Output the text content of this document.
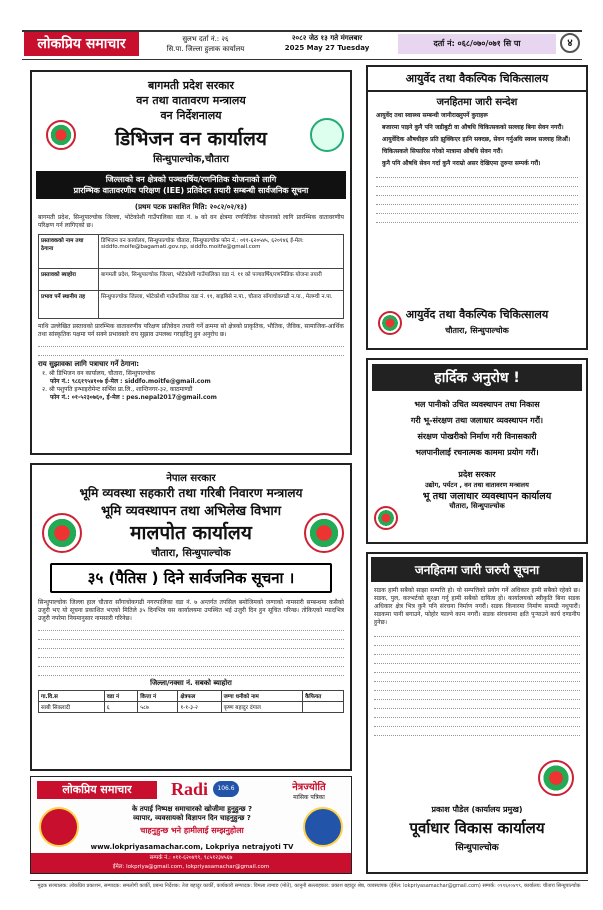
लोकप्रिय समाचार	सुलभ दर्ता नं.: २६
सि.पा. जिल्ला हुलाक कार्यालय
२०८२ जेठ १३ गते मंगलबार
2025 May 27 Tuesday	दर्ता नं: ०६८/०७०/०७१ सि पा	४
बागमती प्रदेश सरकार
वन तथा वातावरण मन्त्रालय
वन निर्देशनालय
डिभिजन वन कार्यालय
सिन्धुपाल्चोक,चौतारा
जिल्लाको वन क्षेत्रको पञ्चवर्षिय/रणनितिक योजनाको लागि
प्रारम्भिक वातावरणीय परिक्षण (IEE) प्रतिवेदन तयारी सम्बन्धी सार्वजनिक सूचना
(प्रथम पटक प्रकाशित मिति: २०८२/०२/१३)
बागमती प्रदेश, सिन्धुपाल्चोक जिल्ला, भोटेकोशी गाउँपालिका वडा नं. ७ को वन क्षेत्रमा रणनितिक योजनाको लागि प्रारम्भिक वातावरणीय परिक्षण गर्न लागिएको छ।
प्रस्तावकको नाम तथा ठेगाना	डिभिजन वन कार्यालय, सिन्धुपाल्चोक चौतारा, सिन्धुपाल्चोक फोन नं.: ०११-६२०५४५, ६२०१४६ ई-मेल: siddfo.moife@bagamati.gov.np, siddfo.moitfe@gmail.com
प्रस्तावको ब्याहोरा	बागमती प्रदेश, सिन्धुपाल्चोक जिल्ला, भोटेकोशी गाउँपालिका वडा नं. ११ को पञ्चवर्षिय/रणनितिक योजना तयारी
प्रभाव पर्ने स्थानीय तह	सिन्धुपाल्चोक जिल्ला, भोटेकोशी गाउँपालिका वडा नं. ११, बाह्रबिसे न.पा., चौतारा साँगाचोकगढी न.पा., मेलम्ची न.पा.
माथि उल्लेखित प्रस्तावको प्रारम्भिक वातावरणीय परिक्षण प्रतिवेदन तयारी गर्ने क्रममा सो क्षेत्रको प्राकृतिक, भौतिक, जैविक, सामाजिक-आर्थिक तथा सांस्कृतिक पक्षमा पर्न सक्ने प्रभावबारे राय सुझाव उपलब्ध गराइदिनु हुन अनुरोध छ।
राय सुझावका लागि पत्राचार गर्ने ठेगाना:
१. श्री डिभिजन वन कार्यालय, चौतारा, सिन्धुपाल्चोक
फोन नं.: ९८६१९५४१०७ ई-मेल : siddfo.moitfe@gmail.com
२. श्री पशुपति इन्भाइरोमेन्ट सर्भिस प्रा.लि., शान्तिनगर-३२, काठमाण्डौं
फोन नं.: ०१-५२३०७६०, ई-मेल : pes.nepal2017@gmail.com
नेपाल सरकार
भूमि व्यवस्था सहकारी तथा गरिबी निवारण मन्त्रालय
भूमि व्यवस्थापन तथा अभिलेख विभाग
मालपोत कार्यालय
चौतारा, सिन्धुपाल्चोक
३५ (पैतिस ) दिने सार्वजनिक सूचना ।
सिन्धुपाल्चोक जिल्ला हाल चौतारा साँगाचोकगढी नगरपालिका वडा नं. ७ अन्तर्गत तपसिल बमोजिमको जग्गाको नामसारी सम्बन्धमा कसैको उजुरी भए यो सूचना प्रकाशित भएको मितिले ३५ दिनभित्र यस कार्यालयमा उपस्थित भई उजुरी दिन हुन सूचित गरिन्छ। तोकिएको म्यादभित्र उजुरी नपरेमा नियमानुसार नामसारी गरिनेछ।
जिल्ला/नक्सा नं. सबको ब्याहोरा
गा.वि.स	वडा नं	कित्ता नं	क्षेत्रफल	जग्गा धनीको नाम	कैफियत
साबी सिक्लादी	६	५८७	१-१-३-२	कृष्ण बहादुर दंगाल	
लोकप्रिय समाचार	Radi	106.6	नेत्रज्योति
मासिक पत्रिका
के तपाई निष्पक्ष समाचारको खोजीमा हुनुहुन्छ ?
व्यापार, व्यवसायको विज्ञापन दिन चाहनुहुन्छ ?
चाहनुहुन्छ भने हामीलाई सम्झनुहोला
www.lokpriyasamachar.com, Lokpriya netrajyoti TV
सम्पर्क नं.: ०११-६२०४९९, ९८५१२३४५६७
ईमेल: lokpriya@gmail.com, lokpriyasamachar@gmail.com
आयुर्वेद तथा वैकल्पिक चिकित्सालय
जनहितमा जारी सन्देश
आयुर्वेद तथा स्वास्थ्य सम्बन्धी जानीराख्नुपर्ने कुराहरू
बजारमा पाइने कुनै पनि जडीबुटी वा औषधि चिकित्सकको सल्लाह बिना सेवन नगरौं।
आयुर्वेदिक औषधीहरु प्रति झुक्किएर हानि सक्दछ, सेवन गर्नुअघि स्वस्थ सल्लाह लिऔं।
चिकित्सकले सिफारिस गरेको मात्रामा औषधि सेवन गरौं।
कुनै पनि औषधि सेवन गर्दा कुनै नराम्रो असर देखिएमा तुरुन्त सम्पर्क गरौं।
आयुर्वेद तथा वैकल्पिक चिकित्सालय
चौतारा, सिन्धुपाल्चोक
हार्दिक अनुरोध !
भल पानीको उचित व्यवस्थापन तथा निकास
गरी भू-संरक्षण तथा जलाधार व्यवस्थापन गरौं।
संरक्षण पोखरीको निर्माण गरी विनासकारी
भलपानीलाई रचनात्मक काममा प्रयोग गरौं।
प्रदेश सरकार
उद्योग, पर्यटन , वन तथा वातावरण मन्त्रालय
भू तथा जलाधार व्यवस्थापन कार्यालय
चौतारा, सिन्धुपाल्चोक
जनहितमा जारी जरुरी सूचना
सडक हामी सबैको साझा सम्पत्ति हो। यो सम्पत्तिको प्रयोग गर्ने अधिकार हामी सबैको रहेको छ। सडक, पुल, कल्भर्टको सुरक्षा गर्नु हामी सबैको दायित्व हो। कार्यालयको स्वीकृति बिना सडक अधिकार क्षेत्र भित्र कुनै पनि संरचना निर्माण नगरौं। सडक किनारमा निर्माण सामग्री नथुपारौं। सडकमा पानी बगाउने, फोहोर फाल्ने काम नगरौं। सडक संरचनामा क्षति पुर्‍याउने कार्य दण्डनीय हुनेछ।
प्रकाश पौडेल (कार्यालय प्रमुख)
पूर्वाधार विकास कार्यालय
सिन्धुपाल्चोक
मुद्रक सञ्चालक: लोकप्रिय प्रकाशन, सम्पादक: समलोगी कार्की, प्रबन्ध निर्देशक: तेज बहादुर कार्की, कार्यकारी सम्पादक: विमला तामाङ (मोते), कानुनी सल्लाहकार: प्रकाश बहादुर श्रेष्ठ, व्यवस्थापक (ईमेल: lokpriyasamachar@gmail.com) सम्पर्क: ०११६२०४९९, कार्यालय: चौतारा सिन्धुपाल्चोक
